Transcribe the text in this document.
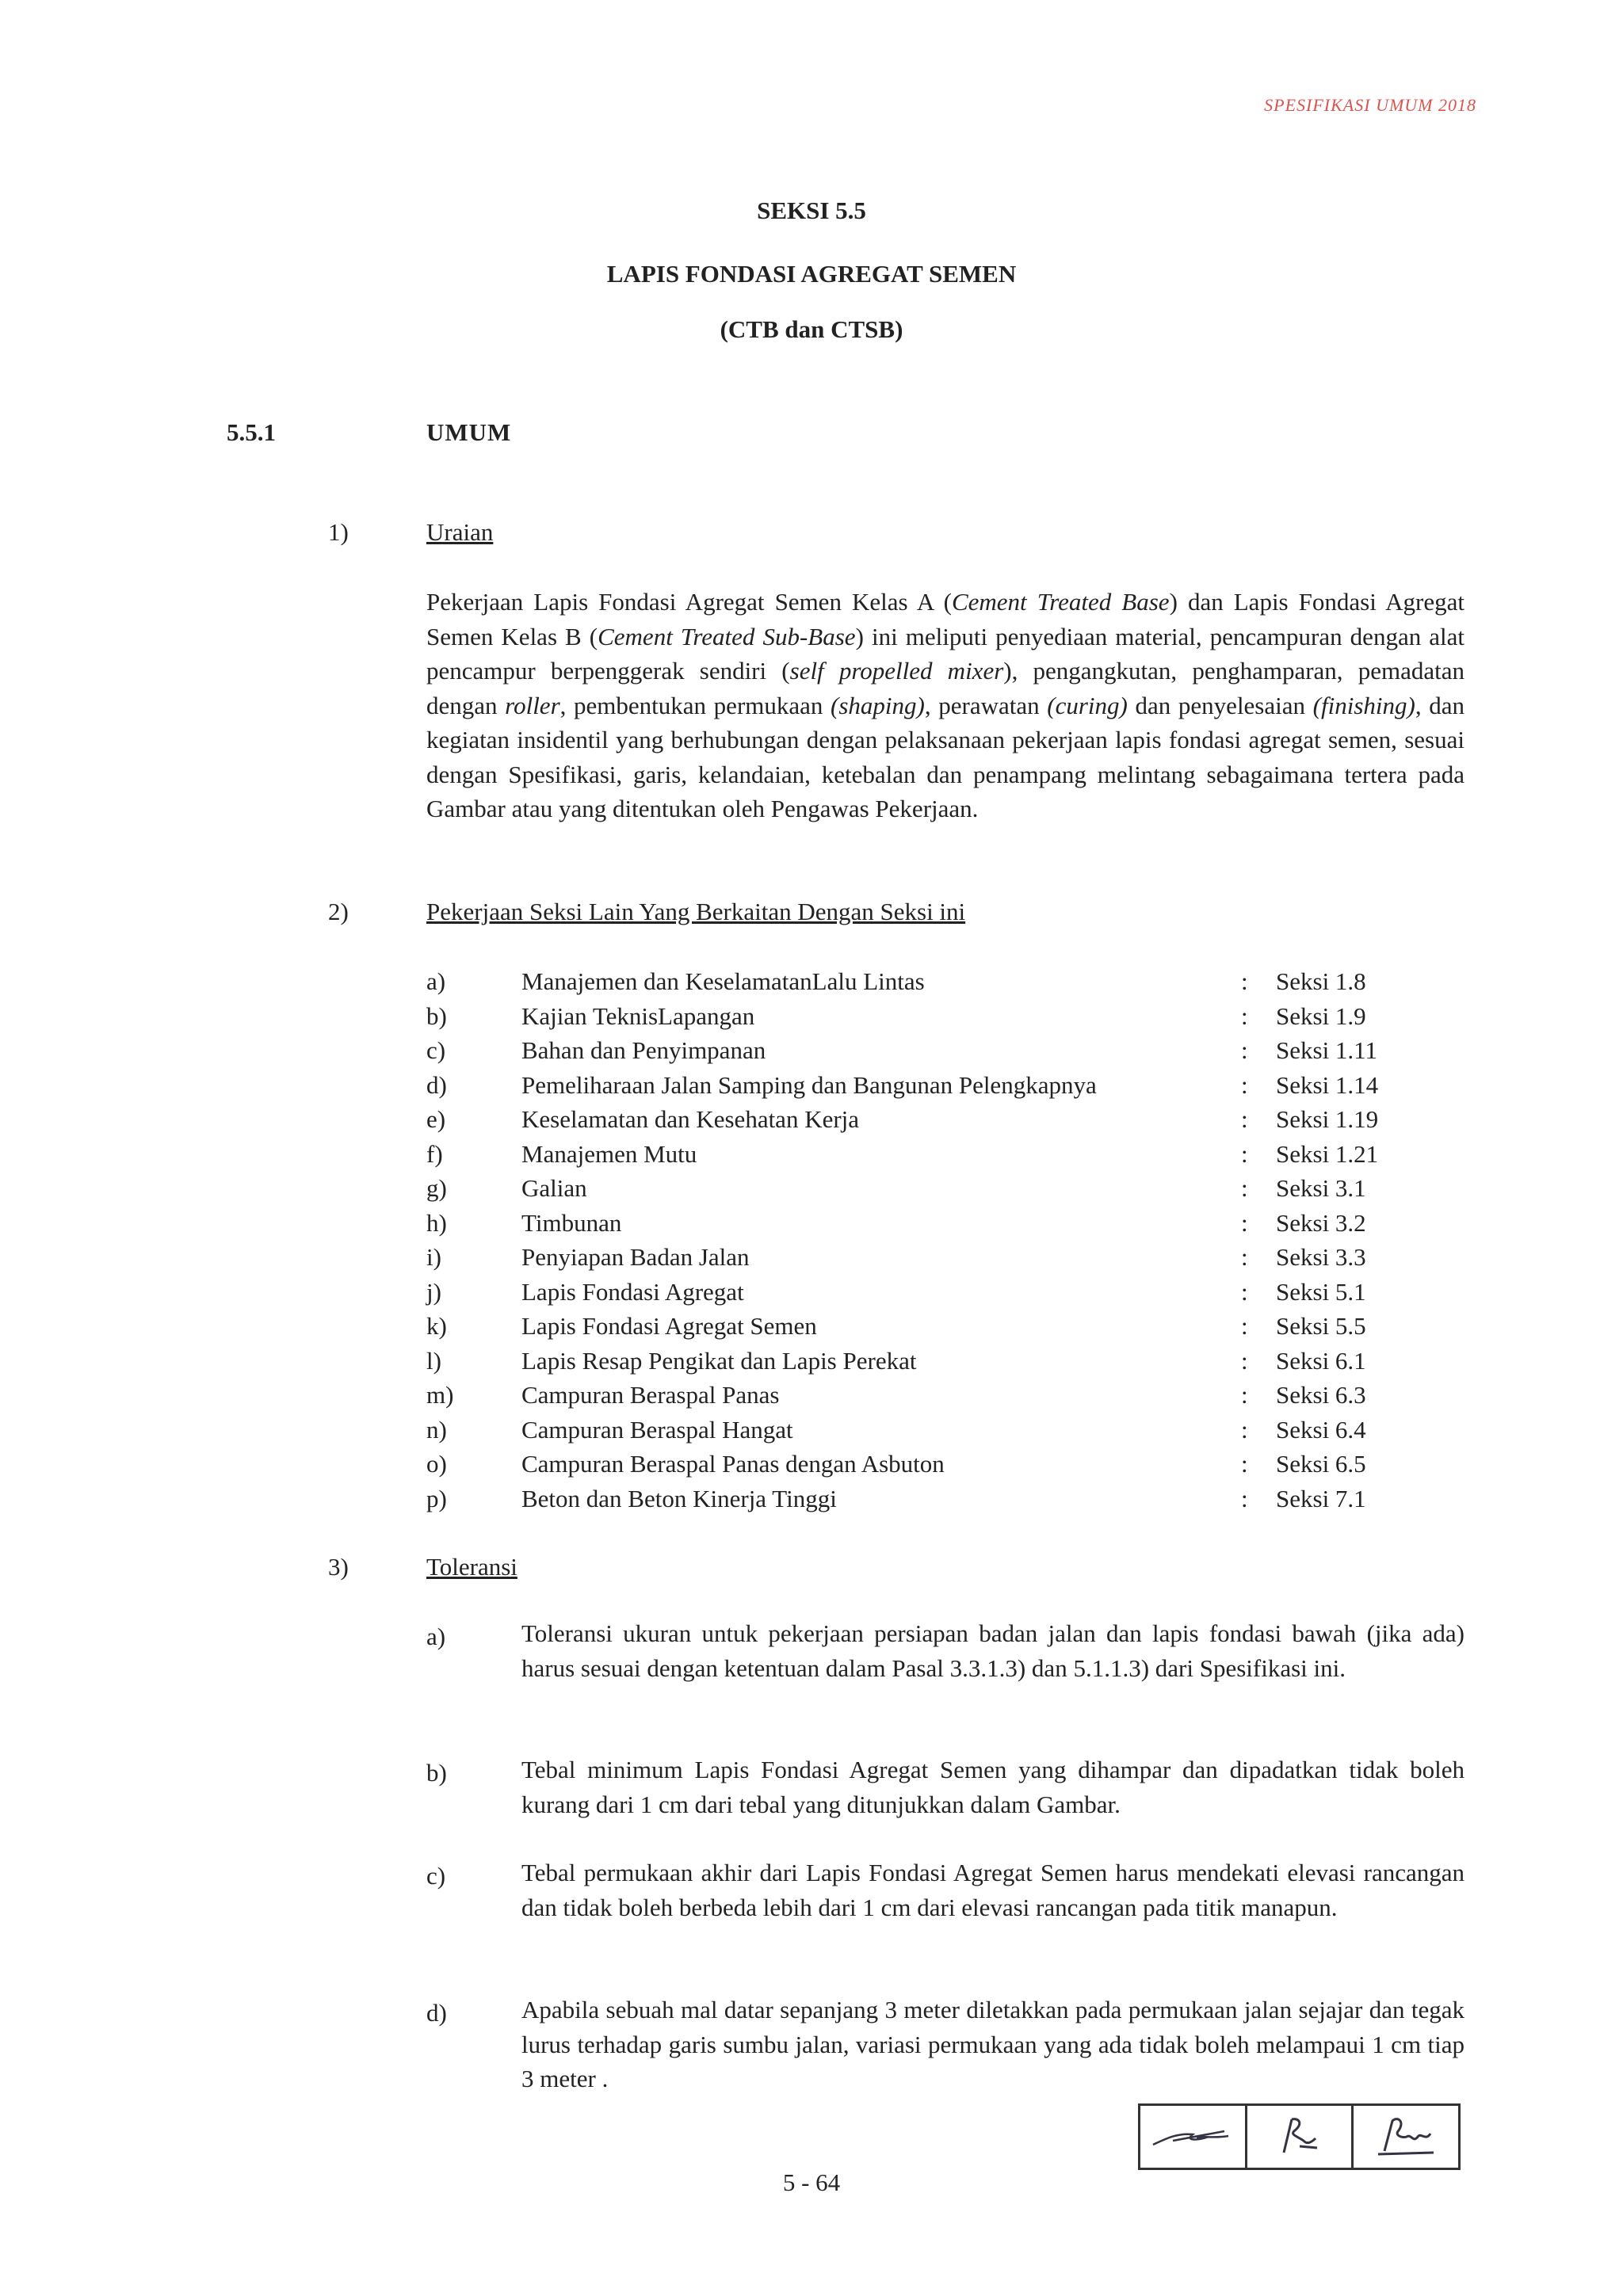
SPESIFIKASI UMUM 2018
SEKSI 5.5
LAPIS FONDASI AGREGAT SEMEN
(CTB dan CTSB)
5.5.1	UMUM
1)	Uraian

Pekerjaan Lapis Fondasi Agregat Semen Kelas A (Cement Treated Base) dan Lapis Fondasi Agregat Semen Kelas B (Cement Treated Sub-Base) ini meliputi penyediaan material, pencampuran dengan alat pencampur berpenggerak sendiri (self propelled mixer), pengangkutan, penghamparan, pemadatan dengan roller, pembentukan permukaan (shaping), perawatan (curing) dan penyelesaian (finishing), dan kegiatan insidentil yang berhubungan dengan pelaksanaan pekerjaan lapis fondasi agregat semen, sesuai dengan Spesifikasi, garis, kelandaian, ketebalan dan penampang melintang sebagaimana tertera pada Gambar atau yang ditentukan oleh Pengawas Pekerjaan.

2)	Pekerjaan Seksi Lain Yang Berkaitan Dengan Seksi ini
a)	Manajemen dan KeselamatanLalu Lintas	: Seksi 1.8
b)	Kajian TeknisLapangan	: Seksi 1.9
c)	Bahan dan Penyimpanan	: Seksi 1.11
d)	Pemeliharaan Jalan Samping dan Bangunan Pelengkapnya	: Seksi 1.14
e)	Keselamatan dan Kesehatan Kerja	: Seksi 1.19
f)	Manajemen Mutu	: Seksi 1.21
g)	Galian	: Seksi 3.1
h)	Timbunan	: Seksi 3.2
i)	Penyiapan Badan Jalan	: Seksi 3.3
j)	Lapis Fondasi Agregat	: Seksi 5.1
k)	Lapis Fondasi Agregat Semen	: Seksi 5.5
l)	Lapis Resap Pengikat dan Lapis Perekat	: Seksi 6.1
m)	Campuran Beraspal Panas	: Seksi 6.3
n)	Campuran Beraspal Hangat	: Seksi 6.4
o)	Campuran Beraspal Panas dengan Asbuton	: Seksi 6.5
p)	Beton dan Beton Kinerja Tinggi	: Seksi 7.1
3)	Toleransi
a)	Toleransi ukuran untuk pekerjaan persiapan badan jalan dan lapis fondasi bawah (jika ada) harus sesuai dengan ketentuan dalam Pasal 3.3.1.3) dan 5.1.1.3) dari Spesifikasi ini.

b)	Tebal minimum Lapis Fondasi Agregat Semen yang dihampar dan dipadatkan tidak boleh kurang dari 1 cm dari tebal yang ditunjukkan dalam Gambar.

c)	Tebal permukaan akhir dari Lapis Fondasi Agregat Semen harus mendekati elevasi rancangan dan tidak boleh berbeda lebih dari 1 cm dari elevasi rancangan pada titik manapun.

d)	Apabila sebuah mal datar sepanjang 3 meter diletakkan pada permukaan jalan sejajar dan tegak lurus terhadap garis sumbu jalan, variasi permukaan yang ada tidak boleh melampaui 1 cm tiap 3 meter .

5 - 64
